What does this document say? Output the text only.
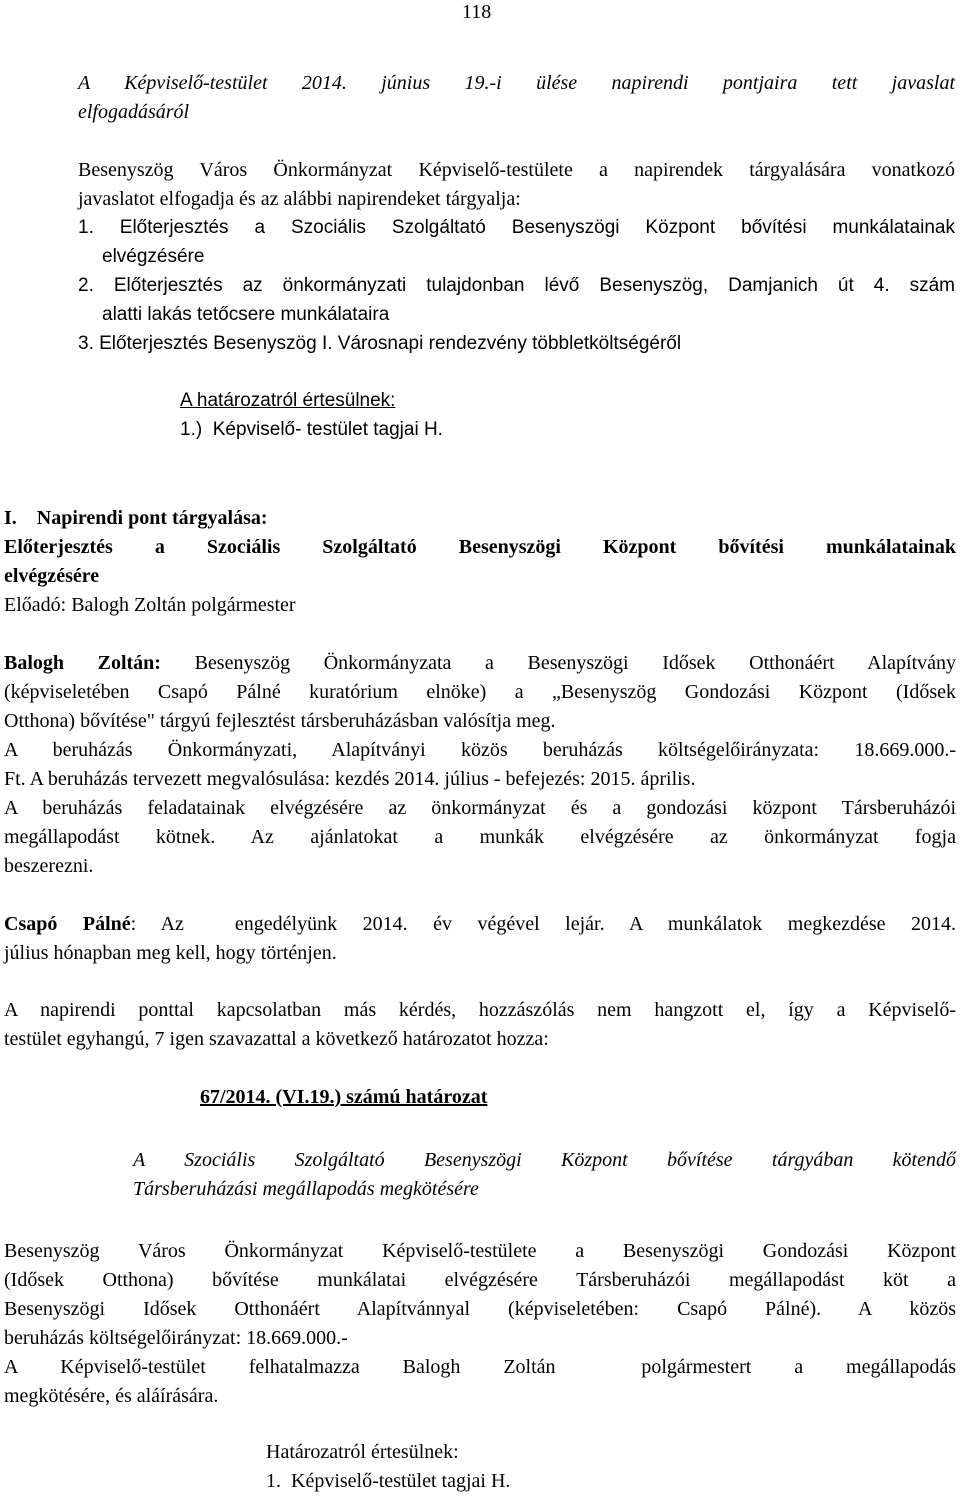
118

A Képviselő-testület 2014. június 19.-i ülése napirendi pontjaira tett javaslat

elfogadásáról

Besenyszög Város Önkormányzat Képviselő-testülete a napirendek tárgyalására vonatkozó

javaslatot elfogadja és az alábbi napirendeket tárgyalja:

1. Előterjesztés a Szociális Szolgáltató Besenyszögi Központ bővítési munkálatainak

elvégzésére

2. Előterjesztés az önkormányzati tulajdonban lévő Besenyszög, Damjanich út 4. szám

alatti lakás tetőcsere munkálataira

3. Előterjesztés Besenyszög I. Városnapi rendezvény többletköltségéről

A határozatról értesülnek:

1.)  Képviselő- testület tagjai H.

I.    Napirendi pont tárgyalása:

Előterjesztés a Szociális Szolgáltató Besenyszögi Központ bővítési munkálatainak

elvégzésére

Előadó: Balogh Zoltán polgármester

Balogh Zoltán: Besenyszög Önkormányzata a Besenyszögi Idősek Otthonáért Alapítvány

(képviseletében Csapó Pálné kuratórium elnöke) a „Besenyszög Gondozási Központ (Idősek

Otthona) bővítése" tárgyú fejlesztést társberuházásban valósítja meg.

A beruházás Önkormányzati, Alapítványi közös beruházás költségelőirányzata: 18.669.000.-

Ft. A beruházás tervezett megvalósulása: kezdés 2014. július - befejezés: 2015. április.

A beruházás feladatainak elvégzésére az önkormányzat és a gondozási központ Társberuházói

megállapodást kötnek. Az ajánlatokat a munkák elvégzésére az önkormányzat fogja

beszerezni.

Csapó Pálné: Az  engedélyünk 2014. év végével lejár. A munkálatok megkezdése 2014.

július hónapban meg kell, hogy történjen.

A napirendi ponttal kapcsolatban más kérdés, hozzászólás nem hangzott el, így a Képviselő-

testület egyhangú, 7 igen szavazattal a következő határozatot hozza:

67/2014. (VI.19.) számú határozat

A Szociális Szolgáltató Besenyszögi Központ bővítése tárgyában kötendő

Társberuházási megállapodás megkötésére

Besenyszög Város Önkormányzat Képviselő-testülete a Besenyszögi Gondozási Központ

(Idősek Otthona) bővítése munkálatai elvégzésére Társberuházói megállapodást köt a

Besenyszögi Idősek Otthonáért Alapítvánnyal (képviseletében: Csapó Pálné). A közös

beruházás költségelőirányzat: 18.669.000.-

A Képviselő-testület felhatalmazza Balogh Zoltán  polgármestert a megállapodás

megkötésére, és aláírására.

Határozatról értesülnek:

1.  Képviselő-testület tagjai H.
